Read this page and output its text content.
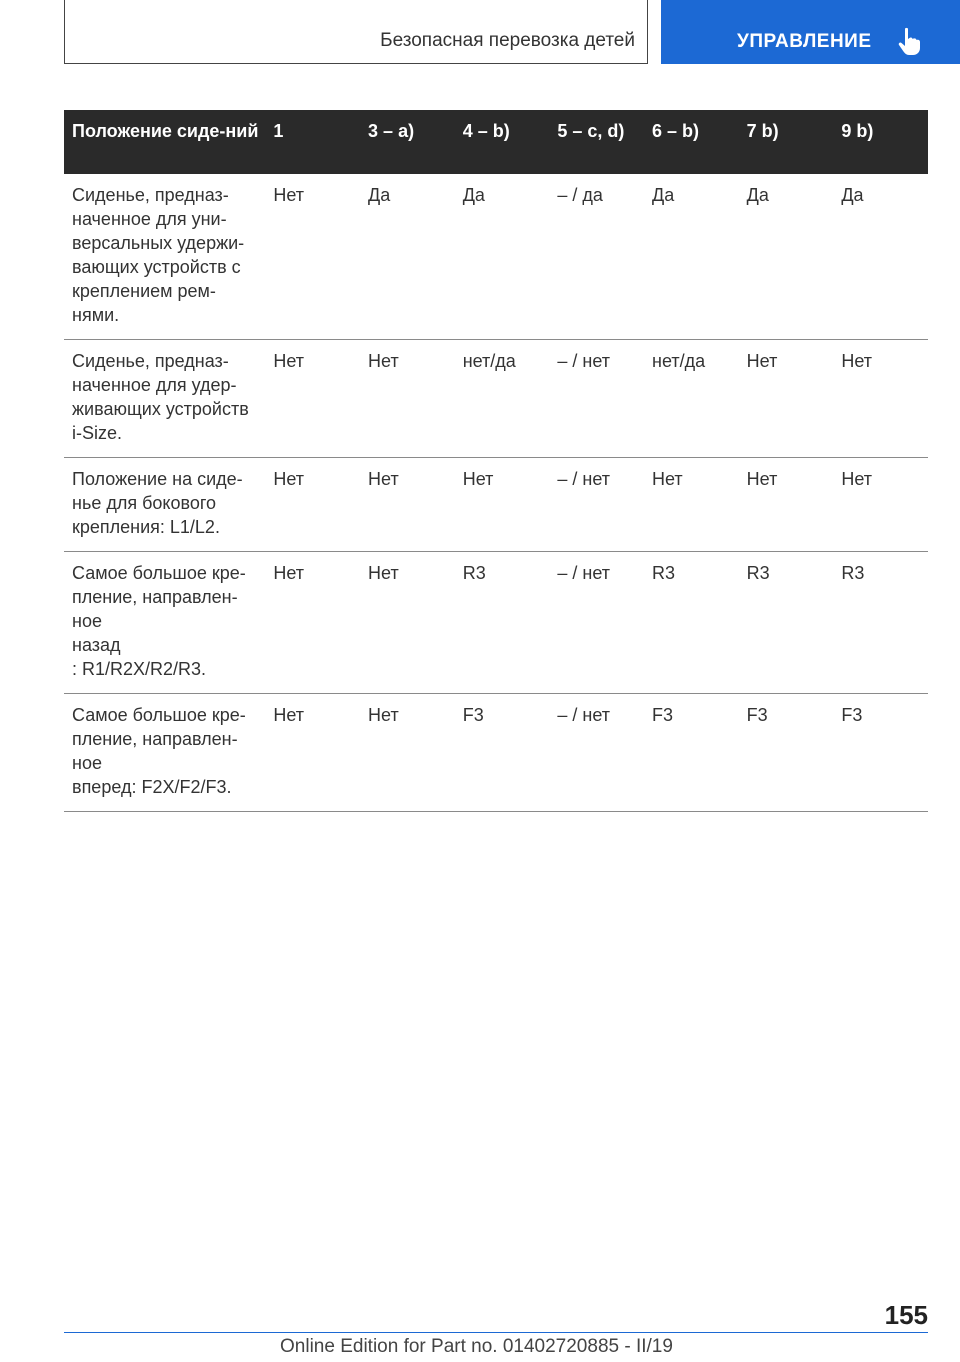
Безопасная перевозка детей	УПРАВЛЕНИЕ
Положение сиде-ний	1	3 – a)	4 – b)	5 – c, d)	6 – b)	7 b)	9 b)
Сиденье, предназ-наченное для уни-версальных удержи-вающих устройств с креплением рем-нями.	Нет	Да	Да	– / да	Да	Да	Да
Сиденье, предназ-наченное для удер-живающих устройств i-Size.	Нет	Нет	нет/да	– / нет	нет/да	Нет	Нет
Положение на сиде-нье для бокового крепления: L1/L2.	Нет	Нет	Нет	– / нет	Нет	Нет	Нет
Самое большое кре-пление, направлен-ное
назад
: R1/R2X/R2/R3.	Нет	Нет	R3	– / нет	R3	R3	R3
Самое большое кре-пление, направлен-ное
вперед: F2X/F2/F3.	Нет	Нет	F3	– / нет	F3	F3	F3
155
Online Edition for Part no. 01402720885 - II/19
